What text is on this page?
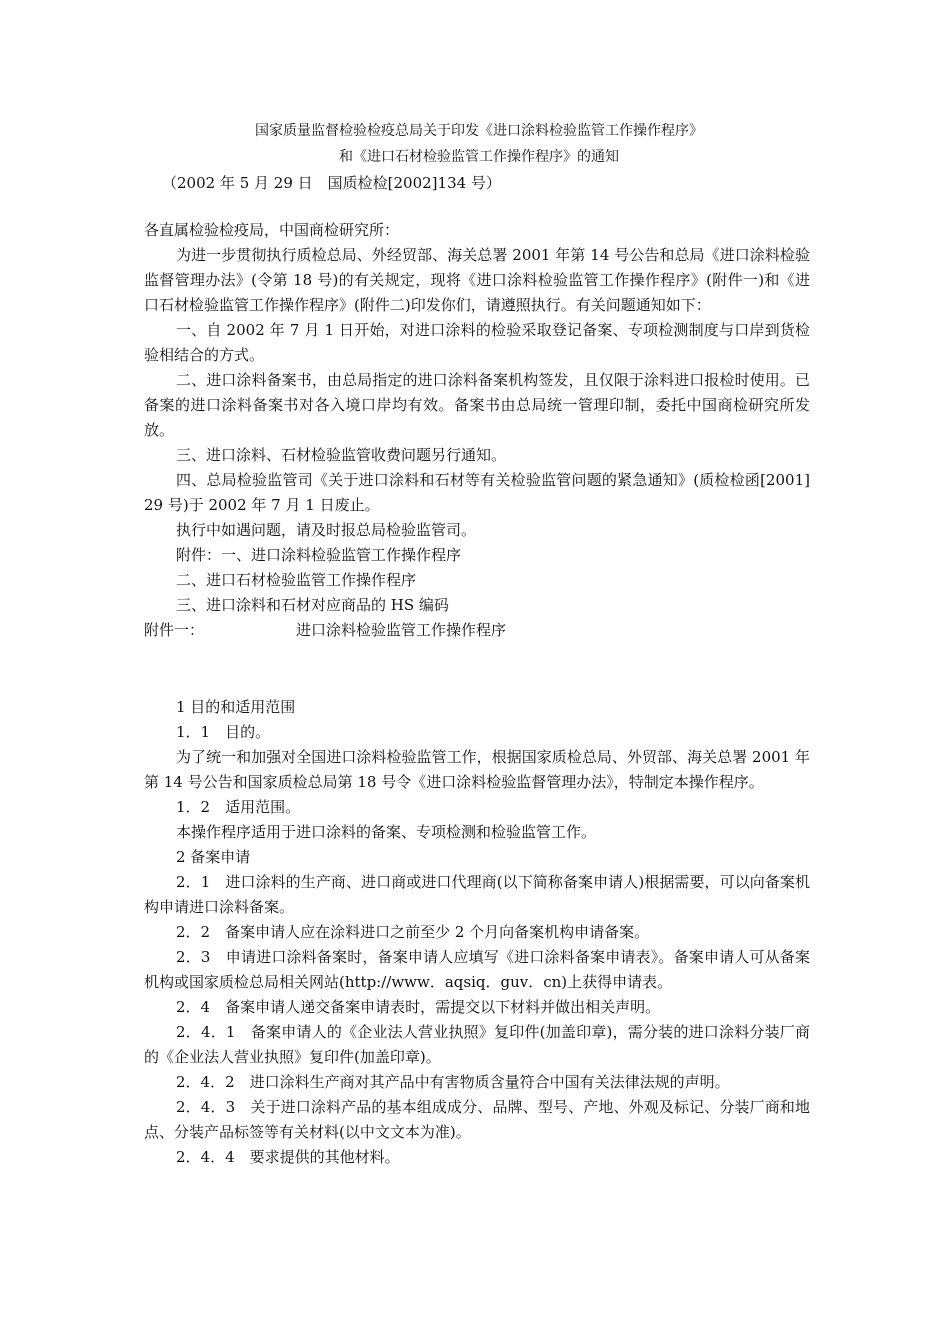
国家质量监督检验检疫总局关于印发《进口涂料检验监管工作操作程序》

和《进口石材检验监管工作操作程序》的通知

（2002 年 5 月 29 日　国质检检[2002]134 号）

各直属检验检疫局，中国商检研究所：

为进一步贯彻执行质检总局、外经贸部、海关总署 2001 年第 14 号公告和总局《进口涂料检验监督管理办法》(令第 18 号)的有关规定，现将《进口涂料检验监管工作操作程序》(附件一)和《进口石材检验监管工作操作程序》(附件二)印发你们，请遵照执行。有关问题通知如下：

一、自 2002 年 7 月 1 日开始，对进口涂料的检验采取登记备案、专项检测制度与口岸到货检验相结合的方式。

二、进口涂料备案书，由总局指定的进口涂料备案机构签发，且仅限于涂料进口报检时使用。已备案的进口涂料备案书对各入境口岸均有效。备案书由总局统一管理印制，委托中国商检研究所发放。

三、进口涂料、石材检验监管收费问题另行通知。

四、总局检验监管司《关于进口涂料和石材等有关检验监管问题的紧急通知》(质检检函[2001]29 号)于 2002 年 7 月 1 日废止。

执行中如遇问题，请及时报总局检验监管司。

附件：一、进口涂料检验监管工作操作程序

二、进口石材检验监管工作操作程序

三、进口涂料和石材对应商品的 HS 编码

附件一：	进口涂料检验监管工作操作程序

1 目的和适用范围

1．1　目的。

为了统一和加强对全国进口涂料检验监管工作，根据国家质检总局、外贸部、海关总署 2001 年第 14 号公告和国家质检总局第 18 号令《进口涂料检验监督管理办法》，特制定本操作程序。

1．2　适用范围。

本操作程序适用于进口涂料的备案、专项检测和检验监管工作。

2 备案申请

2．1　进口涂料的生产商、进口商或进口代理商(以下简称备案申请人)根据需要，可以向备案机构申请进口涂料备案。

2．2　备案申请人应在涂料进口之前至少 2 个月向备案机构申请备案。

2．3　申请进口涂料备案时，备案申请人应填写《进口涂料备案申请表》。备案申请人可从备案机构或国家质检总局相关网站(http://www．aqsiq．guv．cn)上获得申请表。

2．4　备案申请人递交备案申请表时，需提交以下材料并做出相关声明。

2．4．1　备案申请人的《企业法人营业执照》复印件(加盖印章)，需分装的进口涂料分装厂商的《企业法人营业执照》复印件(加盖印章)。

2．4．2　进口涂料生产商对其产品中有害物质含量符合中国有关法律法规的声明。

2．4．3　关于进口涂料产品的基本组成成分、品牌、型号、产地、外观及标记、分装厂商和地点、分装产品标签等有关材料(以中文文本为准)。

2．4．4　要求提供的其他材料。
